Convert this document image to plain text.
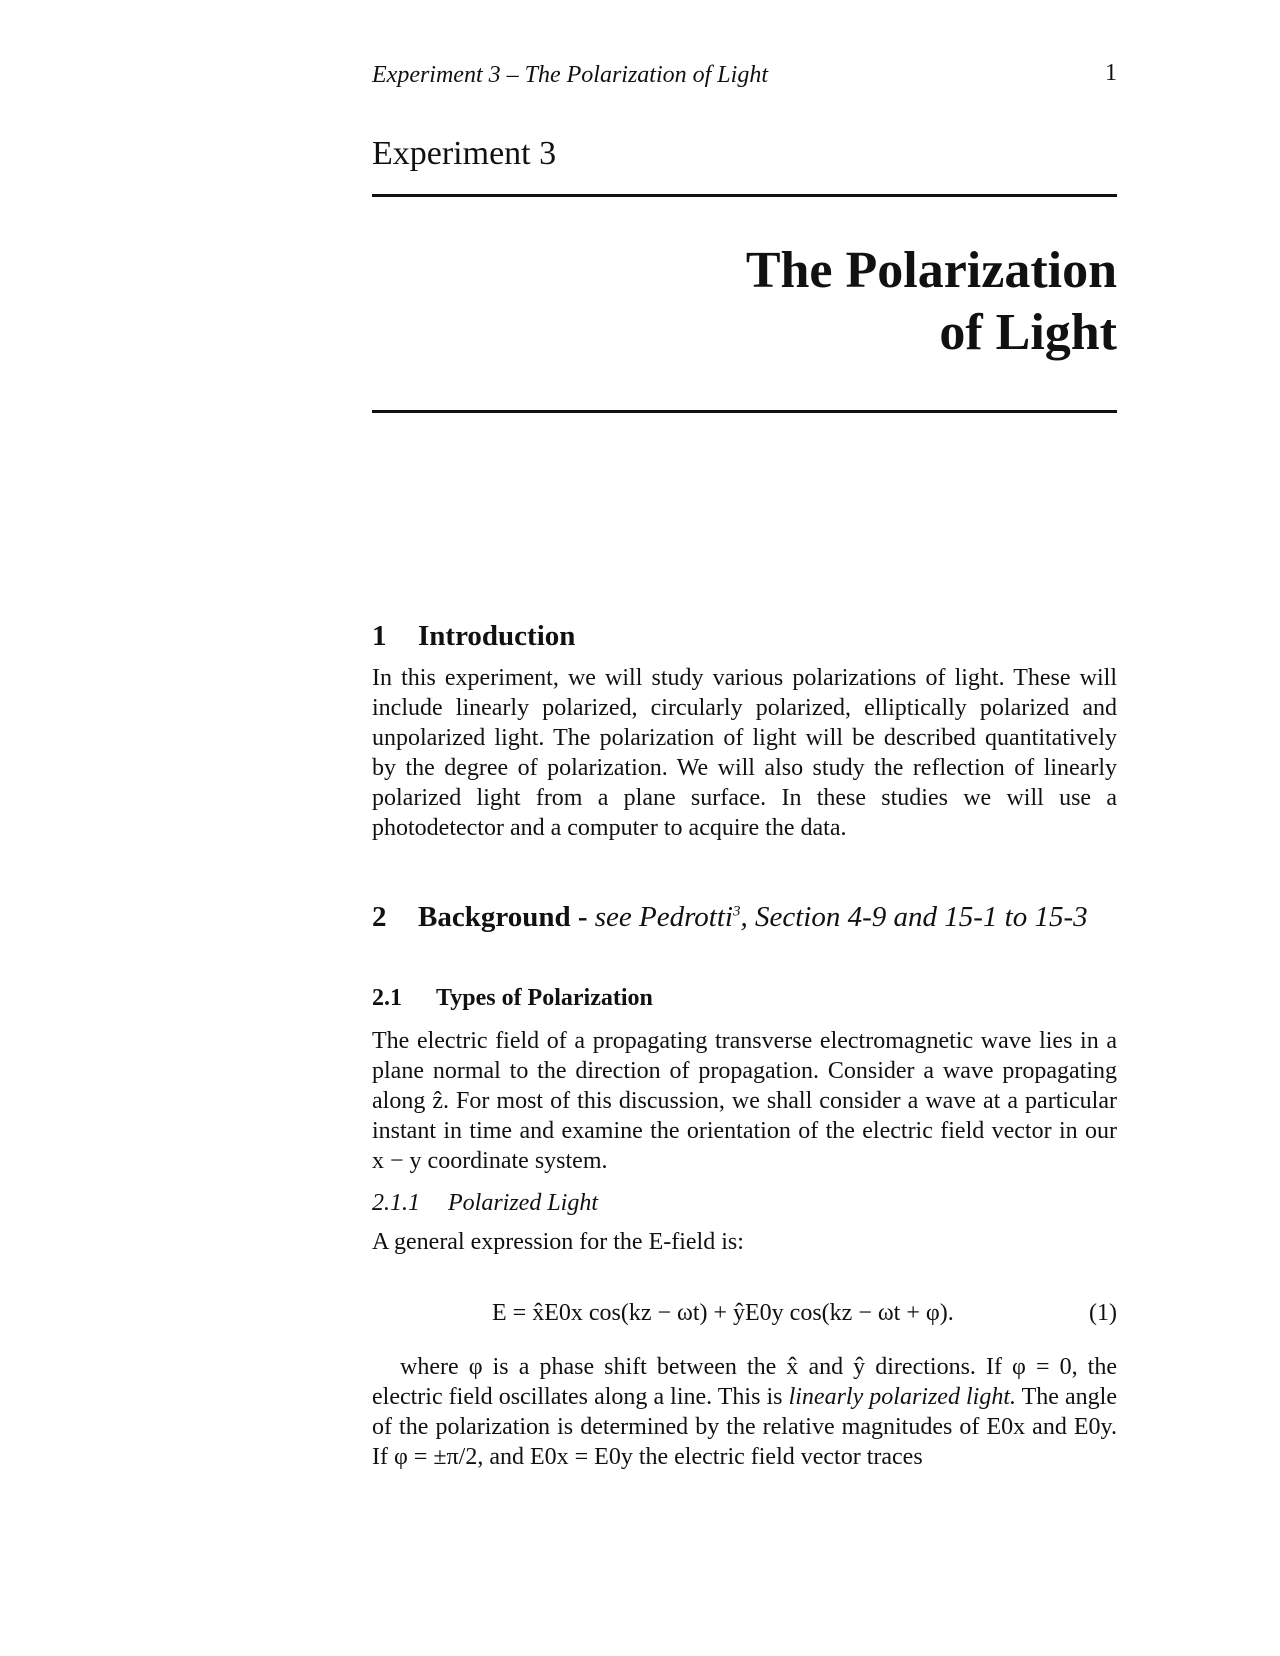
Experiment 3 – The Polarization of Light	1
Experiment 3
The Polarization
of Light
1 Introduction
In this experiment, we will study various polarizations of light. These will include linearly polarized, circularly polarized, elliptically polarized and unpolarized light. The polarization of light will be described quantitatively by the degree of polarization. We will also study the reflection of linearly polarized light from a plane surface. In these studies we will use a photodetector and a computer to acquire the data.
2 Background - see Pedrotti$^3$, Section 4-9 and 15-1 to 15-3
2.1 Types of Polarization
The electric field of a propagating transverse electromagnetic wave lies in a plane normal to the direction of propagation. Consider a wave propagating along ẑ. For most of this discussion, we shall consider a wave at a particular instant in time and examine the orientation of the electric field vector in our x − y coordinate system.
2.1.1 Polarized Light
A general expression for the E-field is:
E = x̂E0x cos(kz − ωt) + ŷE0y cos(kz − ωt + φ).	(1)
where φ is a phase shift between the x̂ and ŷ directions. If φ = 0, the electric field oscillates along a line. This is linearly polarized light. The angle of the polarization is determined by the relative magnitudes of E0x and E0y. If φ = ±π/2, and E0x = E0y the electric field vector traces
